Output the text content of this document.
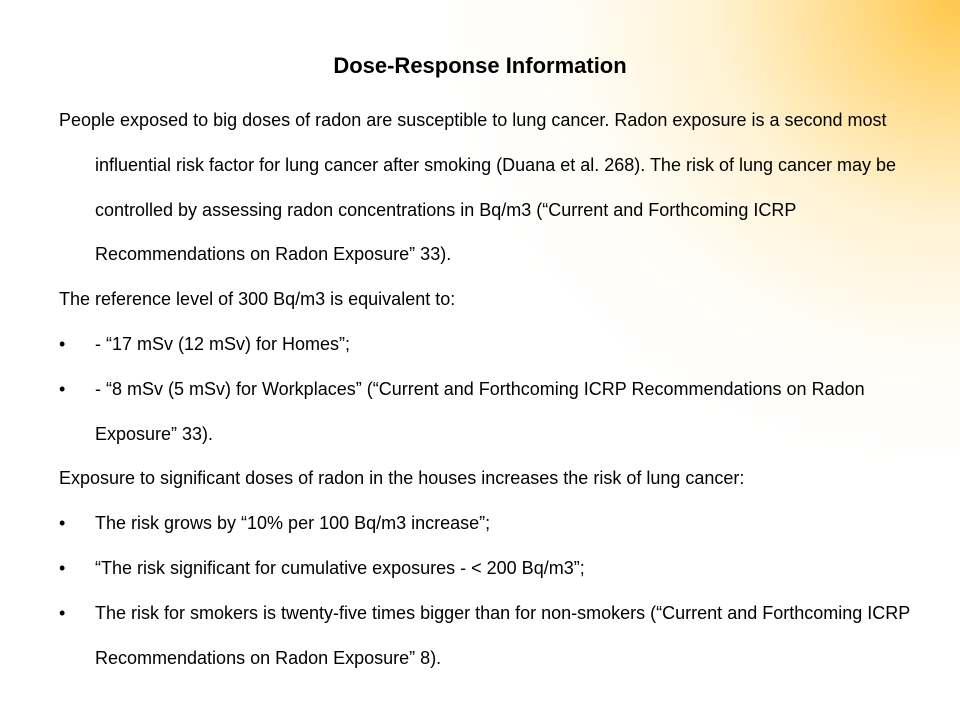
Dose-Response Information

People exposed to big doses of radon are susceptible to lung cancer. Radon exposure is a second most influential risk factor for lung cancer after smoking (Duana et al. 268). The risk of lung cancer may be controlled by assessing radon concentrations in Bq/m3 (“Current and Forthcoming ICRP Recommendations on Radon Exposure” 33).

The reference level of 300 Bq/m3 is equivalent to:

•	- “17 mSv (12 mSv) for Homes”;
•	- “8 mSv (5 mSv) for Workplaces” (“Current and Forthcoming ICRP Recommendations on Radon Exposure” 33).

Exposure to significant doses of radon in the houses increases the risk of lung cancer:

•	The risk grows by “10% per 100 Bq/m3 increase”;
•	“The risk significant for cumulative exposures - < 200 Bq/m3”;
•	The risk for smokers is twenty-five times bigger than for non-smokers (“Current and Forthcoming ICRP Recommendations on Radon Exposure” 8).
